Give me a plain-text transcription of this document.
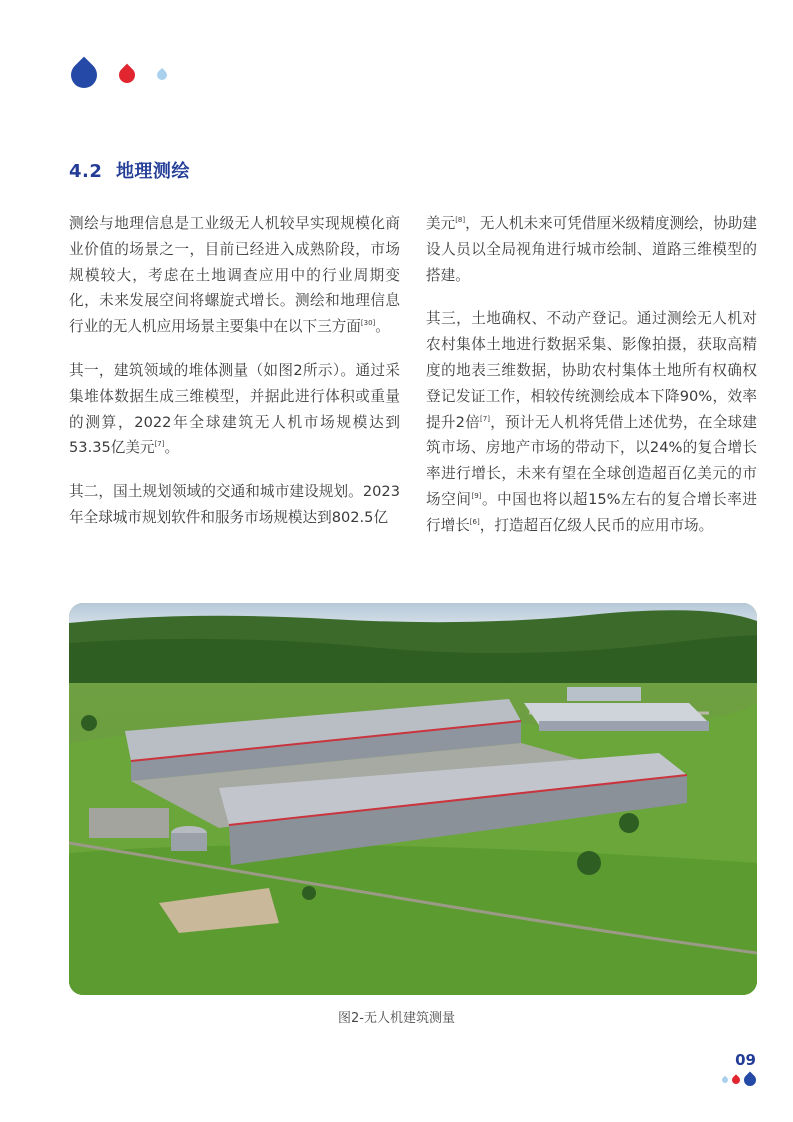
4.2 地理测绘

测绘与地理信息是工业级无人机较早实现规模化商业价值的场景之一，目前已经进入成熟阶段，市场规模较大，考虑在土地调查应用中的行业周期变化，未来发展空间将螺旋式增长。测绘和地理信息行业的无人机应用场景主要集中在以下三方面[30]。

其一，建筑领域的堆体测量（如图2所示）。通过采集堆体数据生成三维模型，并据此进行体积或重量的测算，2022年全球建筑无人机市场规模达到53.35亿美元[7]。

其二，国土规划领域的交通和城市建设规划。2023年全球城市规划软件和服务市场规模达到802.5亿

美元[8]，无人机未来可凭借厘米级精度测绘，协助建设人员以全局视角进行城市绘制、道路三维模型的搭建。

其三，土地确权、不动产登记。通过测绘无人机对农村集体土地进行数据采集、影像拍摄，获取高精度的地表三维数据，协助农村集体土地所有权确权登记发证工作，相较传统测绘成本下降90%，效率提升2倍[7]，预计无人机将凭借上述优势，在全球建筑市场、房地产市场的带动下，以24%的复合增长率进行增长，未来有望在全球创造超百亿美元的市场空间[9]。中国也将以超15%左右的复合增长率进行增长[6]，打造超百亿级人民币的应用市场。

图2-无人机建筑测量
09
